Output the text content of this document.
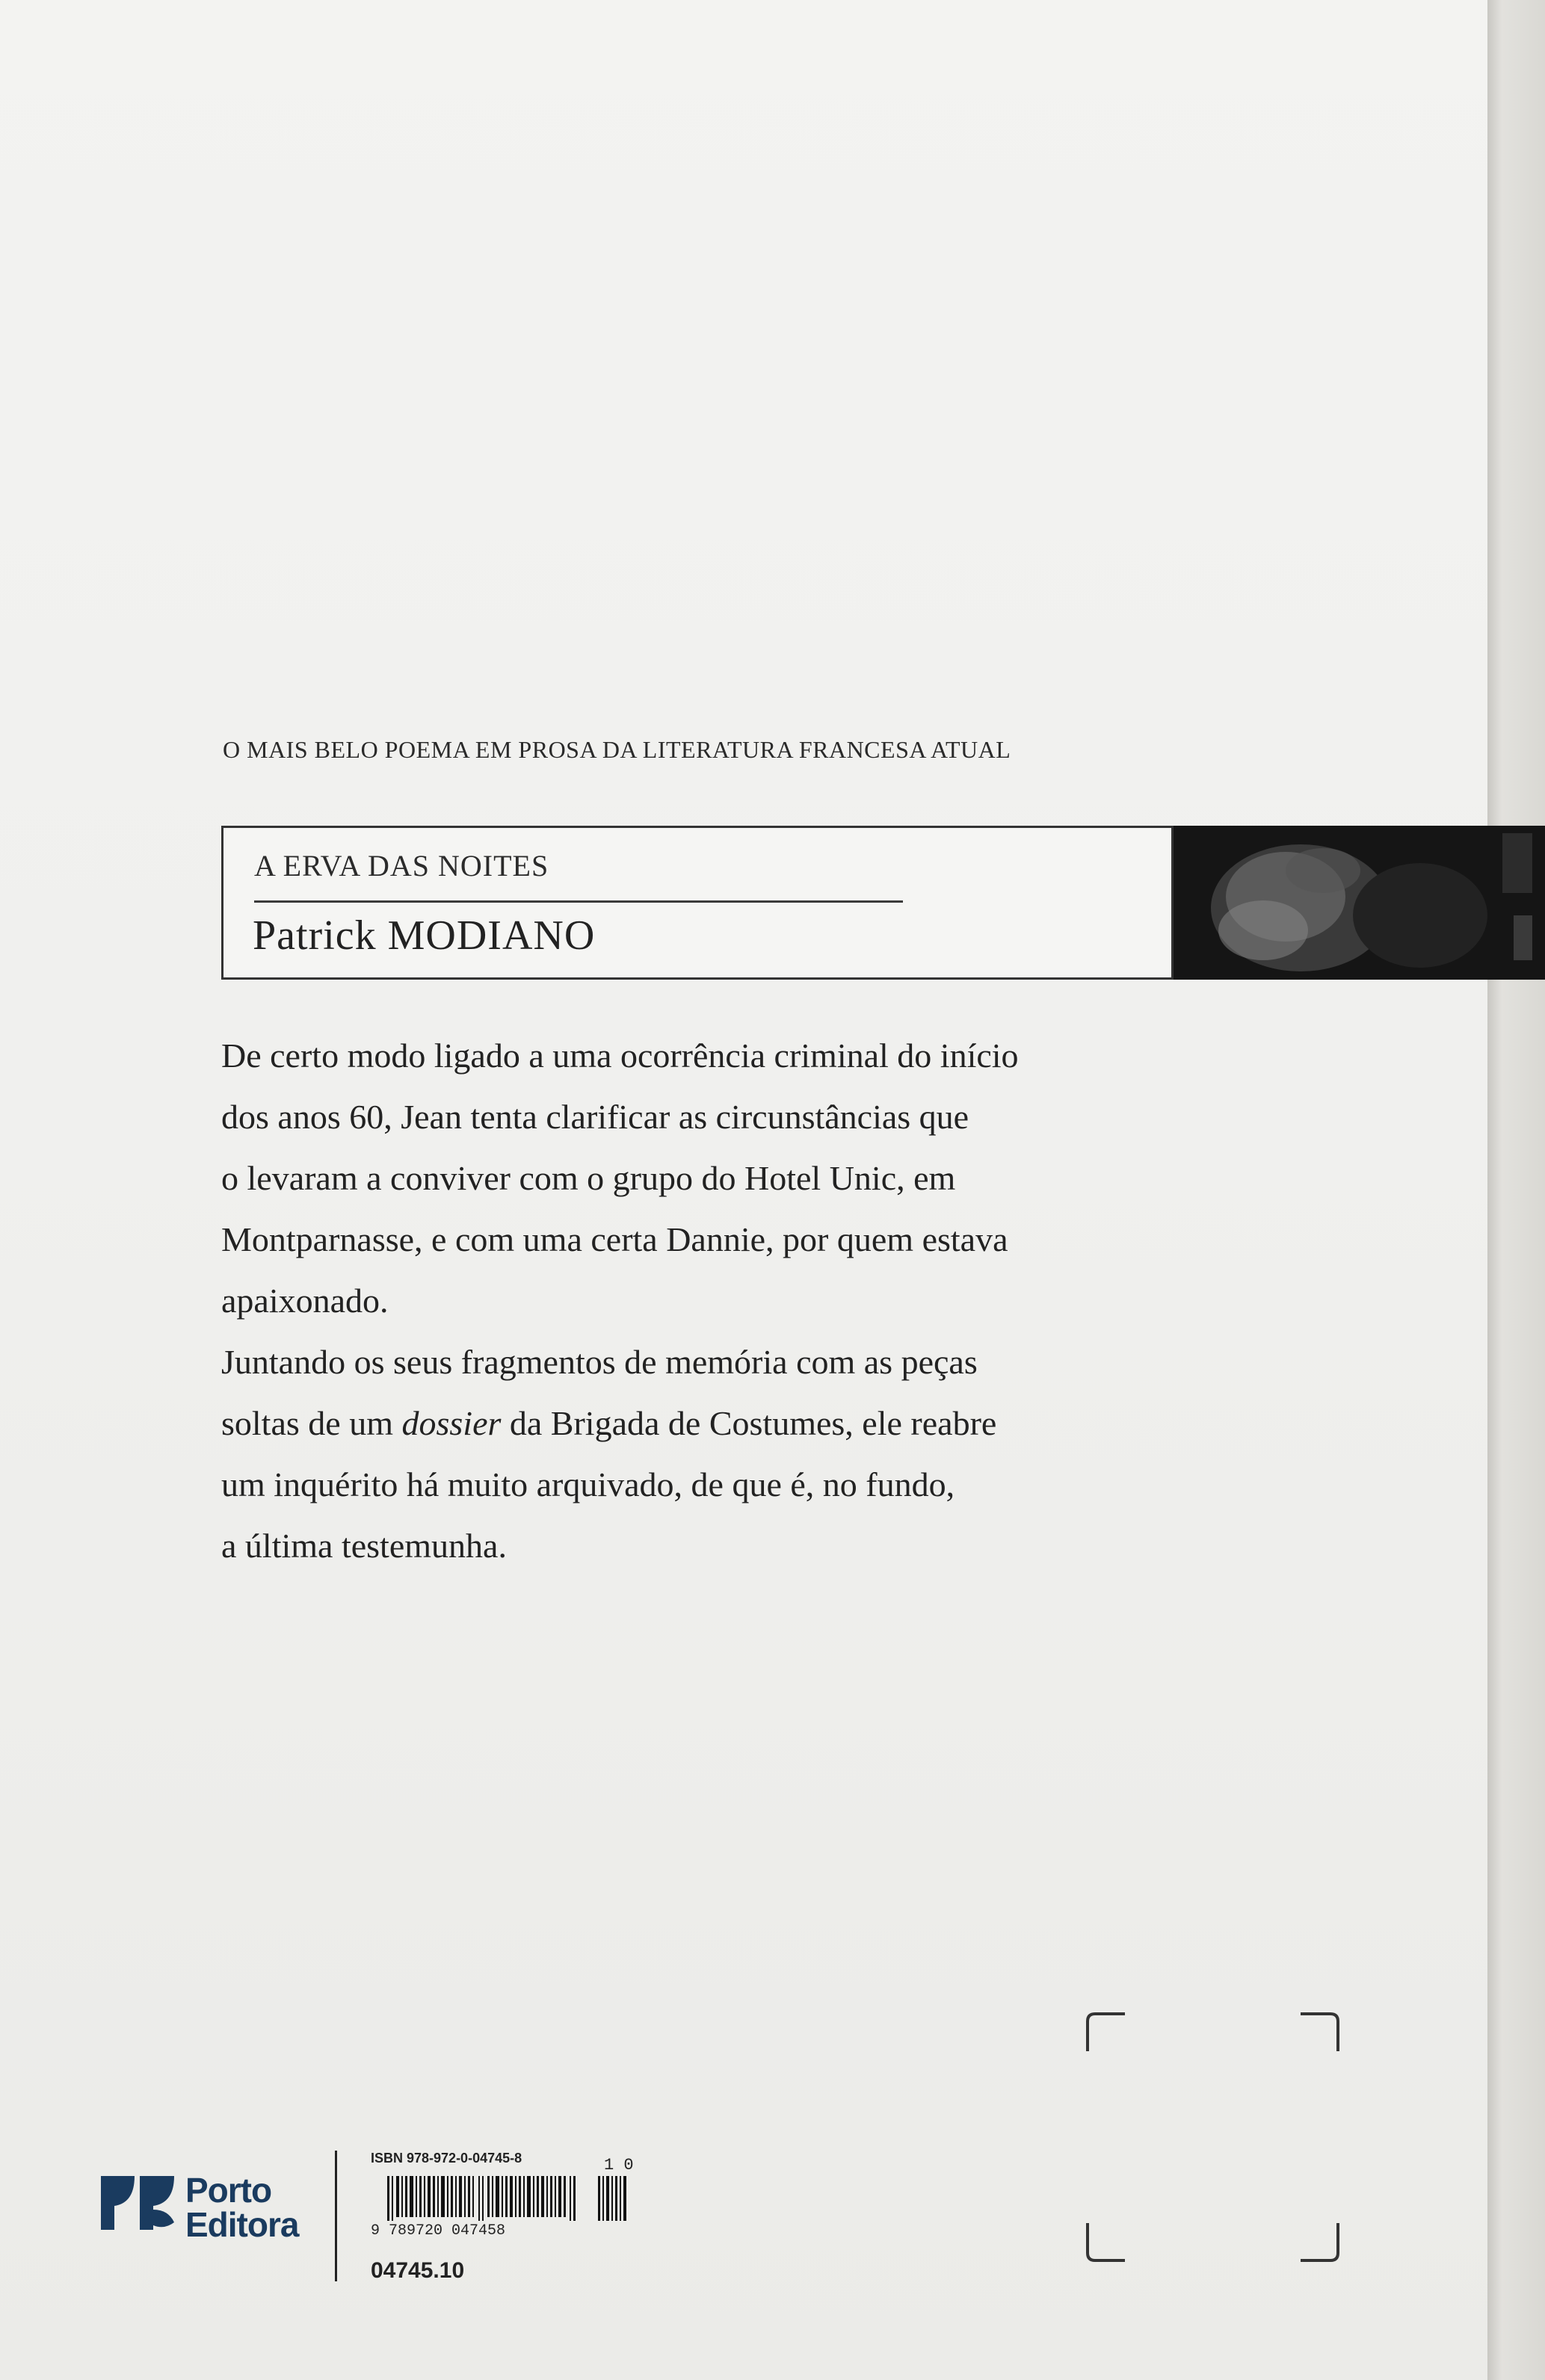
O MAIS BELO POEMA EM PROSA DA LITERATURA FRANCESA ATUAL
A ERVA DAS NOITES
Patrick MODIANO

De certo modo ligado a uma ocorrência criminal do início

dos anos 60, Jean tenta clarificar as circunstâncias que

o levaram a conviver com o grupo do Hotel Unic, em

Montparnasse, e com uma certa Dannie, por quem estava

apaixonado.

Juntando os seus fragmentos de memória com as peças

soltas de um dossier da Brigada de Costumes, ele reabre

um inquérito há muito arquivado, de que é, no fundo,

a última testemunha.

Porto
Editora
ISBN 978-972-0-04745-8	1 0
9 789720 047458
04745.10
